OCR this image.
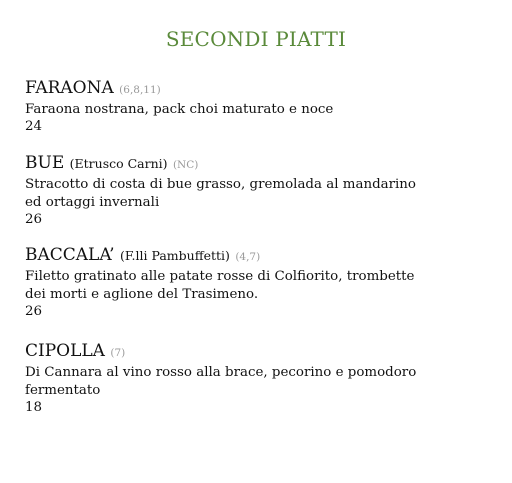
SECONDI PIATTI
FARAONA (6,8,11)
Faraona nostrana, pack choi maturato e noce
24
BUE (Etrusco Carni) (NC)
Stracotto di costa di bue grasso, gremolada al mandarino
ed ortaggi invernali
26
BACCALA’ (F.lli Pambuffetti) (4,7)
Filetto gratinato alle patate rosse di Colfiorito, trombette
dei morti e aglione del Trasimeno.
26
CIPOLLA (7)
Di Cannara al vino rosso alla brace, pecorino e pomodoro
fermentato
18
